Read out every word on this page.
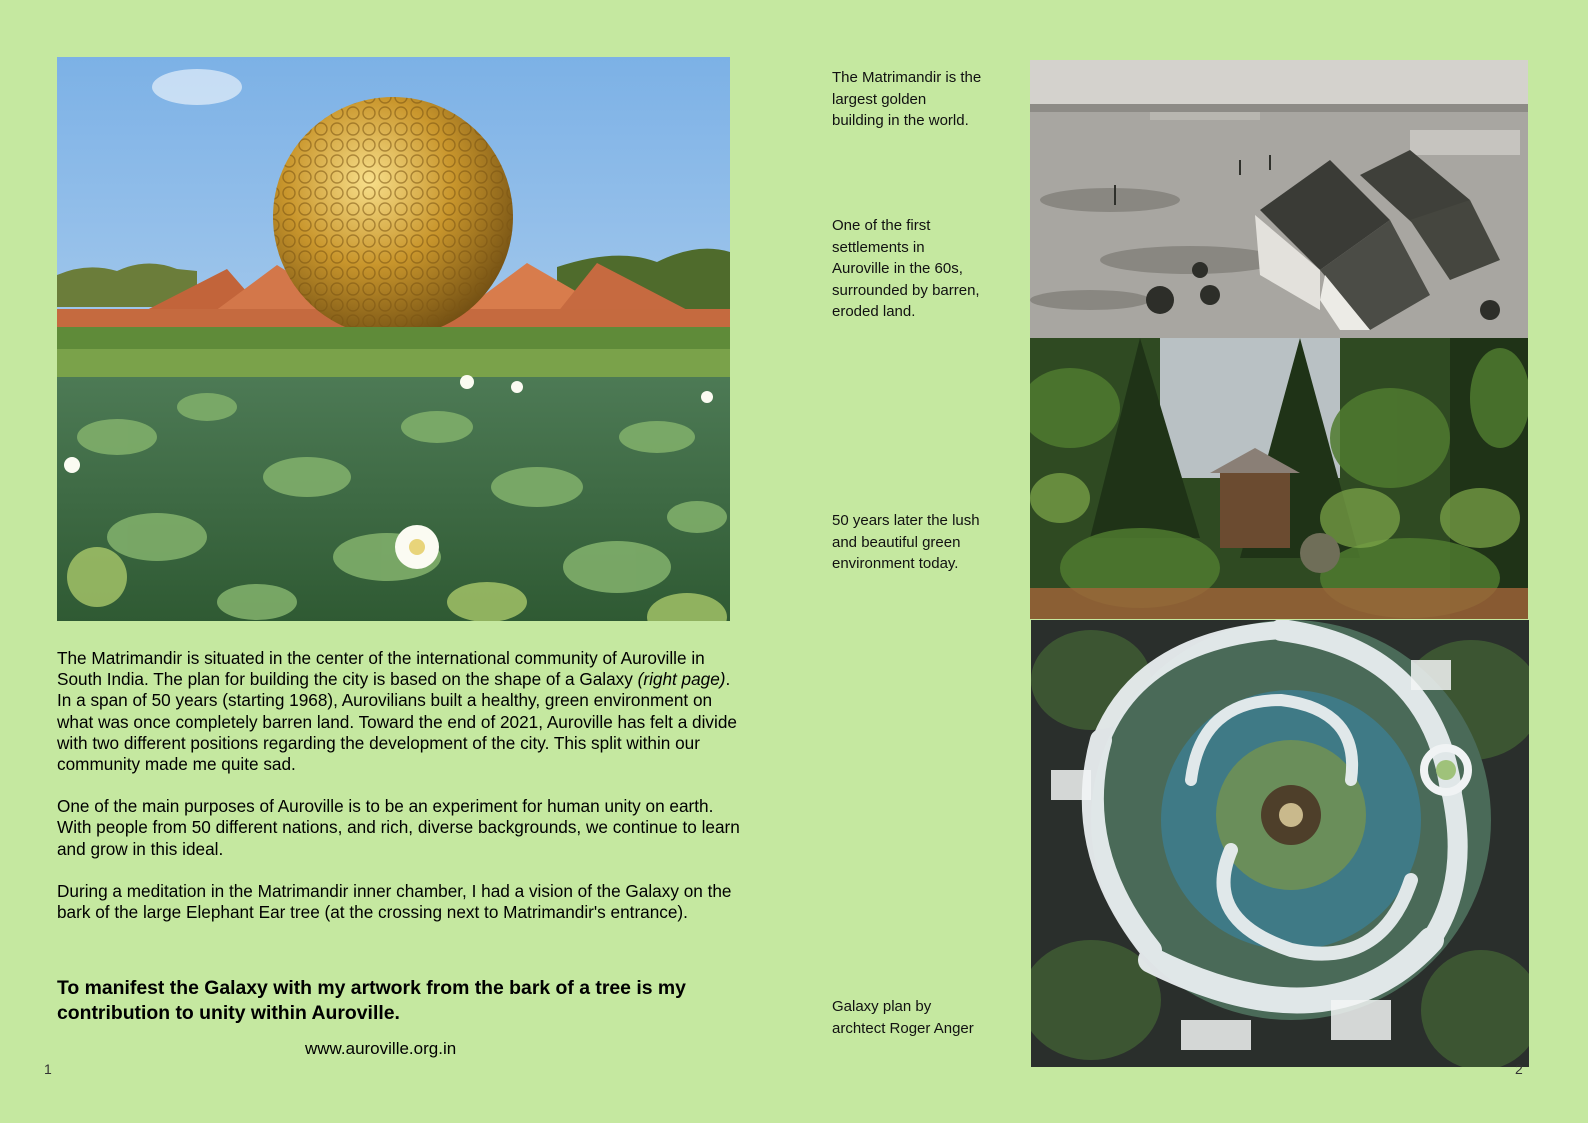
The Matrimandir is situated in the center of the international community of Auroville in South India. The plan for building the city is based on the shape of a Galaxy (right page). In a span of 50 years (starting 1968), Aurovilians built a healthy, green environment on what was once completely barren land. Toward the end of 2021, Auroville has felt a divide with two different positions regarding the development of the city. This split within our community made me quite sad.

One of the main purposes of Auroville is to be an experiment for human unity on earth. With people from 50 different nations, and rich, diverse backgrounds, we continue to learn and grow in this ideal.

During a meditation in the Matrimandir inner chamber, I had a vision of the Galaxy on the bark of the large Elephant Ear tree (at the crossing next to Matrimandir's entrance).

To manifest the Galaxy with my artwork from the bark of a tree is my contribution to unity within Auroville.
www.auroville.org.in
1
The Matrimandir is the largest golden building in the world.
One of the first settlements in Auroville in the 60s, surrounded by barren, eroded land.
50 years later the lush and beautiful green environment today.
Galaxy plan by archtect Roger Anger
2
